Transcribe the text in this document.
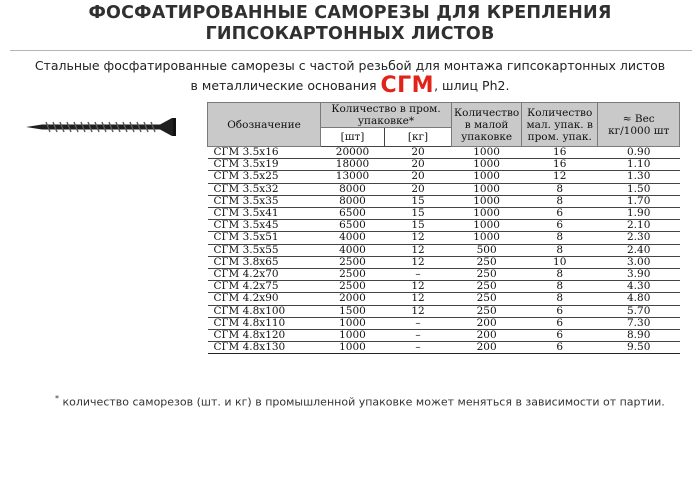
ФОСФАТИРОВАННЫЕ САМОРЕЗЫ ДЛЯ КРЕПЛЕНИЯ
ГИПСОКАРТОННЫХ ЛИСТОВ
Стальные фосфатированные саморезы с частой резьбой для монтажа гипсокартонных листов
в металлические основания СГМ, шлиц Ph2.
Обозначение	Количество в пром. упаковке*		Количество в малой упаковке	Количество мал. упак. в пром. упак.	≈ Вес кг/1000 шт
	[шт]	[кг]			
СГМ 3.5х16	20000	20	1000	16	0.90
СГМ 3.5х19	18000	20	1000	16	1.10
СГМ 3.5х25	13000	20	1000	12	1.30
СГМ 3.5х32	8000	20	1000	8	1.50
СГМ 3.5х35	8000	15	1000	8	1.70
СГМ 3.5х41	6500	15	1000	6	1.90
СГМ 3.5х45	6500	15	1000	6	2.10
СГМ 3.5х51	4000	12	1000	8	2.30
СГМ 3.5х55	4000	12	500	8	2.40
СГМ 3.8х65	2500	12	250	10	3.00
СГМ 4.2х70	2500	–	250	8	3.90
СГМ 4.2х75	2500	12	250	8	4.30
СГМ 4.2х90	2000	12	250	8	4.80
СГМ 4.8х100	1500	12	250	6	5.70
СГМ 4.8х110	1000	–	200	6	7.30
СГМ 4.8х120	1000	–	200	6	8.90
СГМ 4.8х130	1000	–	200	6	9.50
* количество саморезов (шт. и кг) в промышленной упаковке может меняться в зависимости от партии.
